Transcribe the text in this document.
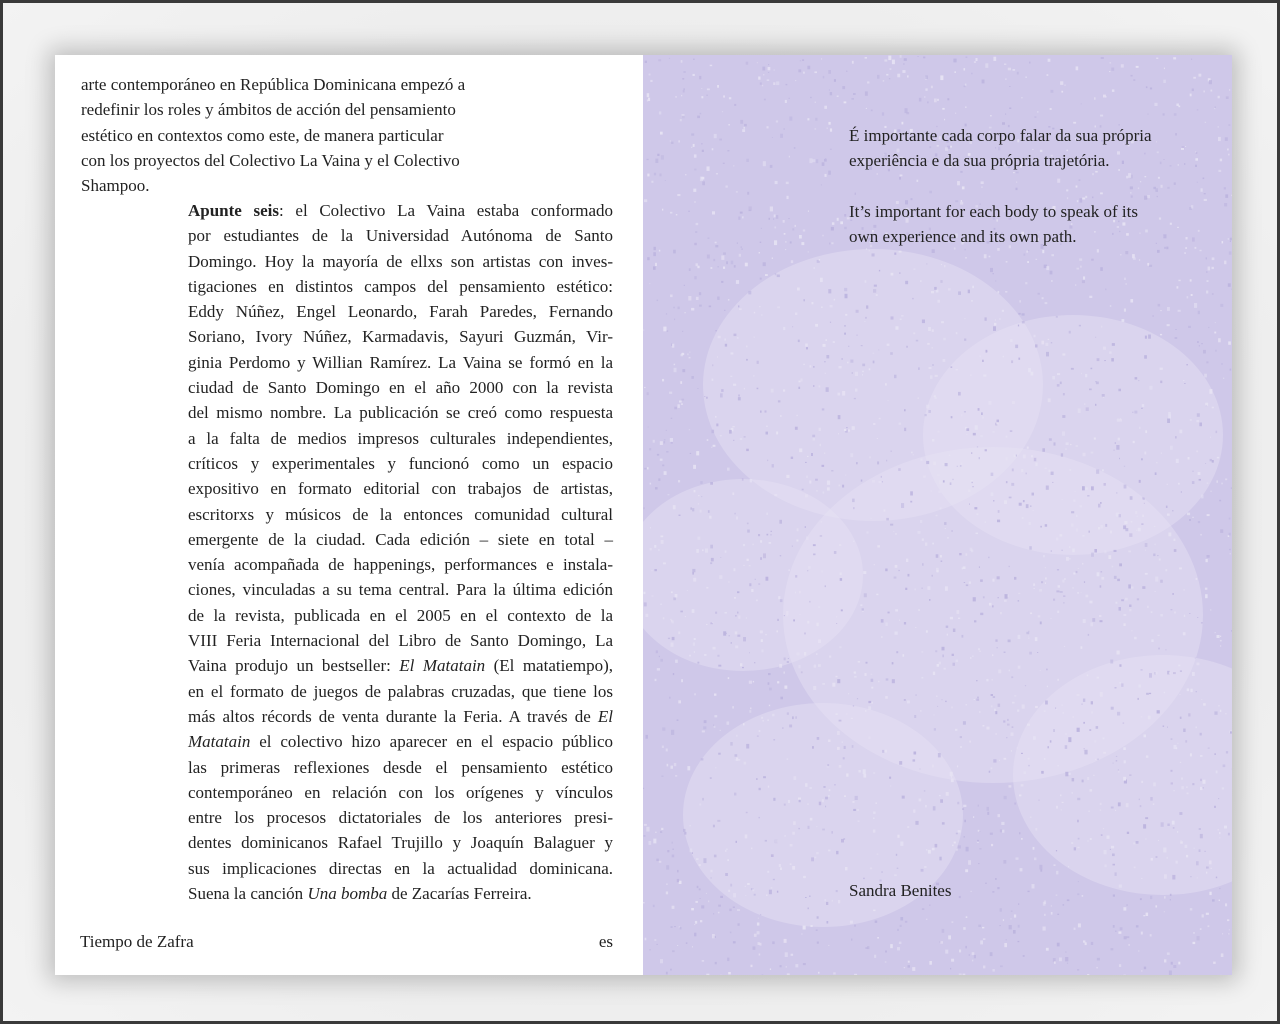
arte contemporáneo en República Dominicana empezó a
redefinir los roles y ámbitos de acción del pensamiento
estético en contextos como este, de manera particular
con los proyectos del Colectivo La Vaina y el Colectivo
Shampoo.
Apunte seis: el Colectivo La Vaina estaba conformado
por estudiantes de la Universidad Autónoma de Santo
Domingo. Hoy la mayoría de ellxs son artistas con inves-
tigaciones en distintos campos del pensamiento estético:
Eddy Núñez, Engel Leonardo, Farah Paredes, Fernando
Soriano, Ivory Núñez, Karmadavis, Sayuri Guzmán, Vir-
ginia Perdomo y Willian Ramírez. La Vaina se formó en la
ciudad de Santo Domingo en el año 2000 con la revista
del mismo nombre. La publicación se creó como respuesta
a la falta de medios impresos culturales independientes,
críticos y experimentales y funcionó como un espacio
expositivo en formato editorial con trabajos de artistas,
escritorxs y músicos de la entonces comunidad cultural
emergente de la ciudad. Cada edición – siete en total –
venía acompañada de happenings, performances e instala-
ciones, vinculadas a su tema central. Para la última edición
de la revista, publicada en el 2005 en el contexto de la
VIII Feria Internacional del Libro de Santo Domingo, La
Vaina produjo un bestseller: El Matatain (El matatiempo),
en el formato de juegos de palabras cruzadas, que tiene los
más altos récords de venta durante la Feria. A través de El
Matatain el colectivo hizo aparecer en el espacio público
las primeras reflexiones desde el pensamiento estético
contemporáneo en relación con los orígenes y vínculos
entre los procesos dictatoriales de los anteriores presi-
dentes dominicanos Rafael Trujillo y Joaquín Balaguer y
sus implicaciones directas en la actualidad dominicana.
Suena la canción Una bomba de Zacarías Ferreira.
Tiempo de Zafra	es
É importante cada corpo falar da sua própria
experiência e da sua própria trajetória.
It’s important for each body to speak of its
own experience and its own path.
Sandra Benites
